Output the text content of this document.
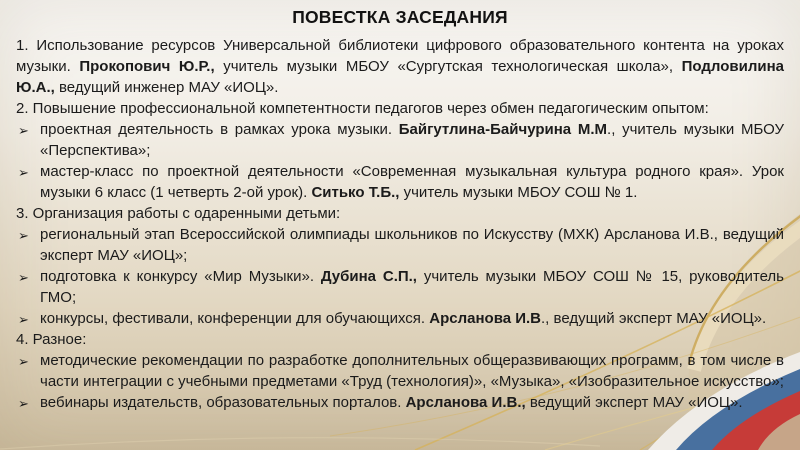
ПОВЕСТКА ЗАСЕДАНИЯ
1. Использование ресурсов Универсальной библиотеки цифрового образовательного контента на уроках музыки. Прокопович Ю.Р., учитель музыки МБОУ «Сургутская технологическая школа», Подловилина Ю.А., ведущий инженер МАУ «ИОЦ».
2. Повышение профессиональной компетентности педагогов через обмен педагогическим опытом:
➢ проектная деятельность в рамках урока музыки. Байгутлина-Байчурина М.М., учитель музыки МБОУ «Перспектива»;
➢ мастер-класс по проектной деятельности «Современная музыкальная культура родного края». Урок музыки 6 класс (1 четверть 2-ой урок). Ситько Т.Б., учитель музыки МБОУ СОШ № 1.
3. Организация работы с одаренными детьми:
➢ региональный этап Всероссийской олимпиады школьников по Искусству (МХК) Арсланова И.В., ведущий эксперт МАУ «ИОЦ»;
➢ подготовка к конкурсу «Мир Музыки». Дубина С.П., учитель музыки МБОУ СОШ № 15, руководитель ГМО;
➢ конкурсы, фестивали, конференции для обучающихся. Арсланова И.В., ведущий эксперт МАУ «ИОЦ».
4. Разное:
➢ методические рекомендации по разработке дополнительных общеразвивающих программ, в том числе в части интеграции с учебными предметами «Труд (технология)», «Музыка», «Изобразительное искусство»;
➢ вебинары издательств, образовательных порталов. Арсланова И.В., ведущий эксперт МАУ «ИОЦ».
